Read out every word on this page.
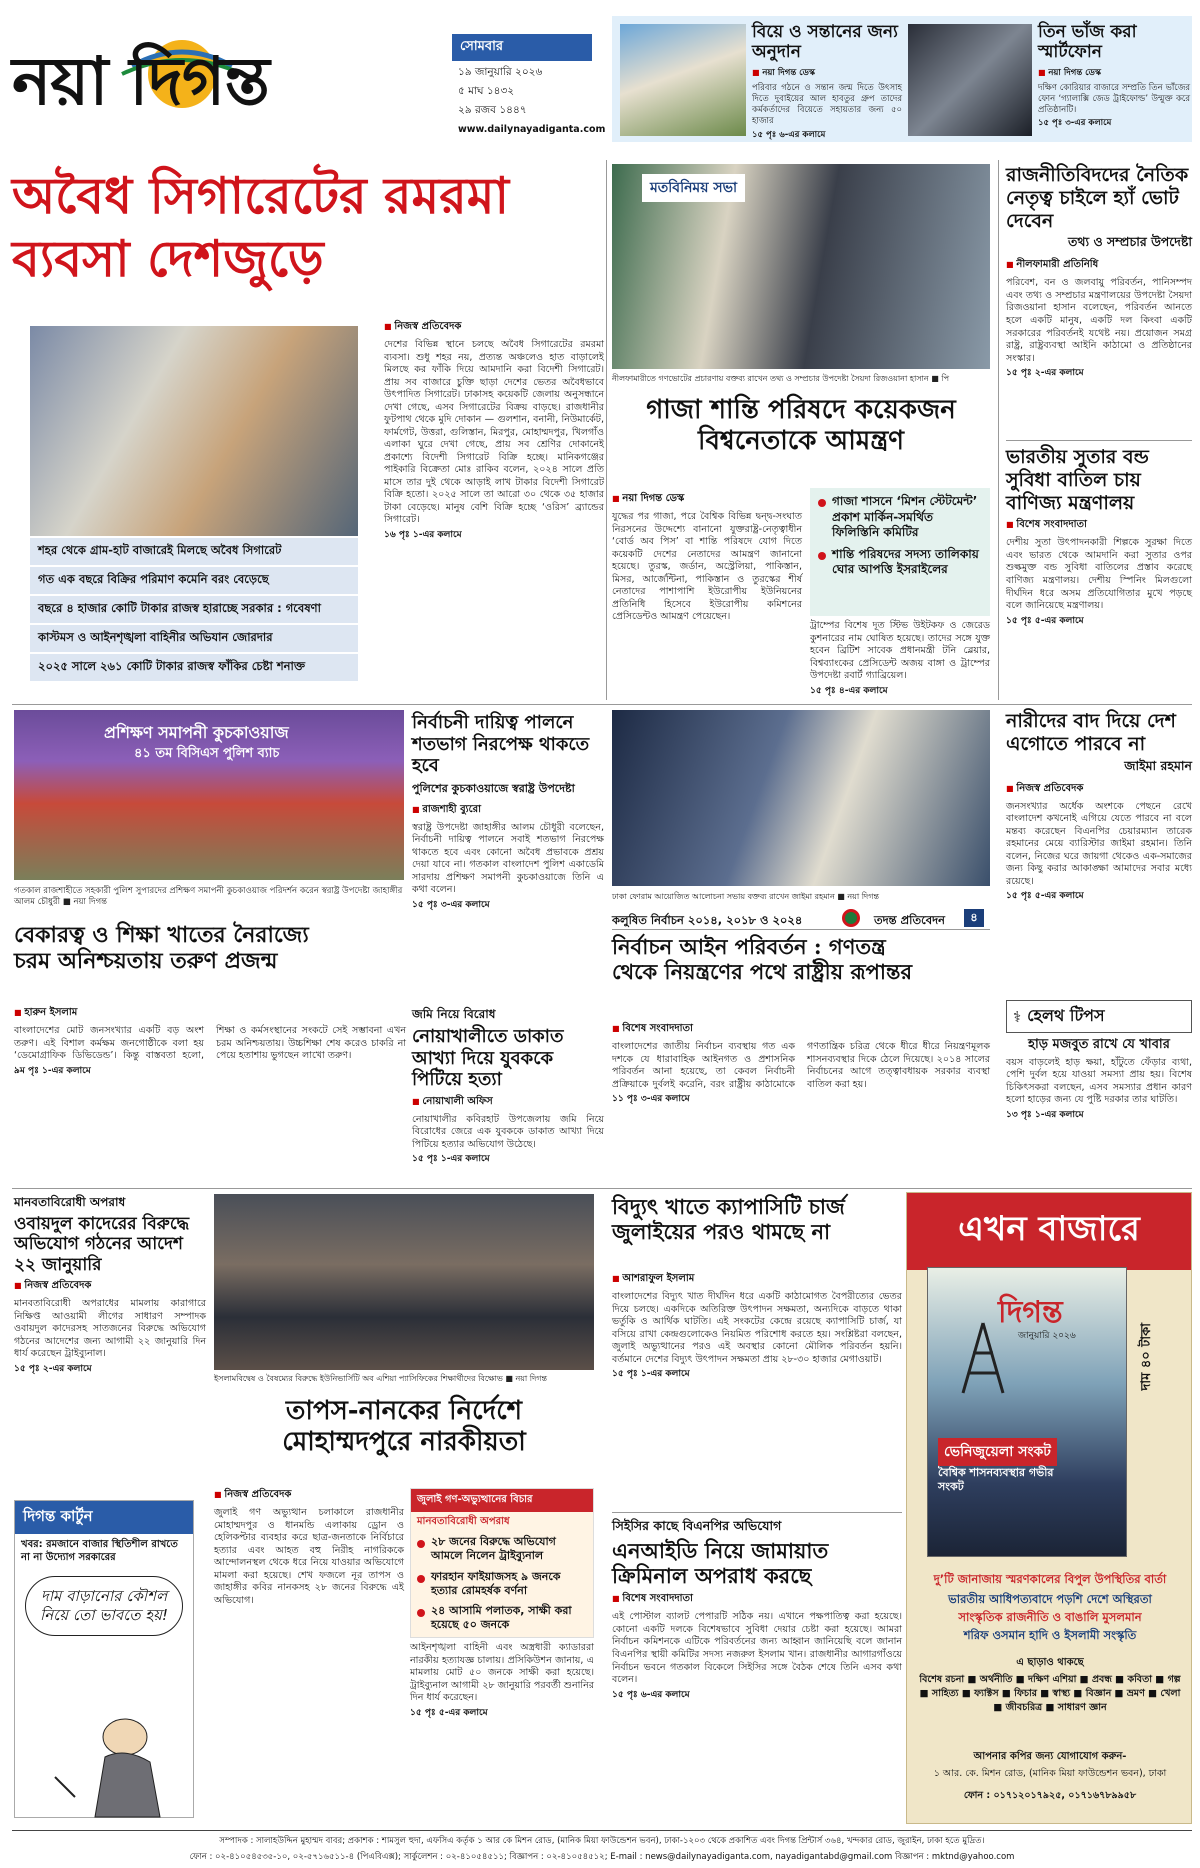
নয়া দিগন্ত	সোমবার
১৯ জানুয়ারি ২০২৬
৫ মাঘ ১৪৩২
২৯ রজব ১৪৪৭
www.dailynayadiganta.com
বিয়ে ও সন্তানের জন্য অনুদান
■ নয়া দিগন্ত ডেস্ক
পরিবার গঠনে ও সন্তান জন্ম দিতে উৎসাহ দিতে দুবাইয়ের আল হাবতুর গ্রুপ তাদের কর্মকর্তাদের বিয়েতে সহায়তার জন্য ৫০ হাজার
১৫ পৃঃ ৬-এর কলামে
তিন ভাঁজ করা স্মার্টফোন
■ নয়া দিগন্ত ডেস্ক
দক্ষিণ কোরিয়ার বাজারে সম্প্রতি তিন ভাঁজের ফোন ‘গ্যালাক্সি জেড ট্রাইফোল্ড’ উন্মুক্ত করে প্রতিষ্ঠানটি।
১৫ পৃঃ ৩-এর কলামে
অবৈধ সিগারেটের রমরমা
ব্যবসা দেশজুড়ে
শহর থেকে গ্রাম-হাট বাজারেই মিলছে অবৈধ সিগারেট
গত এক বছরে বিক্রির পরিমাণ কমেনি বরং বেড়েছে
বছরে ৪ হাজার কোটি টাকার রাজস্ব হারাচ্ছে সরকার : গবেষণা
কাস্টমস ও আইনশৃঙ্খলা বাহিনীর অভিযান জোরদার
২০২৫ সালে ২৬১ কোটি টাকার রাজস্ব ফাঁকির চেষ্টা শনাক্ত
■ নিজস্ব প্রতিবেদক
দেশের বিভিন্ন স্থানে চলছে অবৈধ সিগারেটের রমরমা ব্যবসা। শুধু শহর নয়, প্রত্যন্ত অঞ্চলেও হাত বাড়ালেই মিলছে কর ফাঁকি দিয়ে আমদানি করা বিদেশী সিগারেট। প্রায় সব বাজারে চুক্তি ছাড়া দেশের ভেতর অবৈধভাবে উৎপাদিত সিগারেট। ঢাকাসহ কয়েকটি জেলায় অনুসন্ধানে দেখা গেছে, এসব সিগারেটের বিক্রয় বাড়ছে। রাজধানীর ফুটপাথ থেকে মুদি দোকান — গুলশান, বনানী, নিউমার্কেট, ফার্মগেট, উত্তরা, গুলিস্তান, মিরপুর, মোহাম্মদপুর, খিলগাঁও এলাকা ঘুরে দেখা গেছে, প্রায় সব শ্রেণির দোকানেই প্রকাশ্যে বিদেশী সিগারেট বিক্রি হচ্ছে। মানিকগঞ্জের পাইকারি বিক্রেতা মোঃ রাকিব বলেন, ২০২৪ সালে প্রতি মাসে তার দুই থেকে আড়াই লাখ টাকার বিদেশী সিগারেট বিক্রি হতো। ২০২৫ সালে তা আরো ৩০ থেকে ৩৫ হাজার টাকা বেড়েছে। মানুষ বেশি বিক্রি হচ্ছে ‘ওরিস’ ব্র্যান্ডের সিগারেট।
১৬ পৃঃ ১-এর কলামে
মতবিনিময় সভা
নীলফামারীতে গণভোটের প্রচারণায় বক্তব্য রাখেন তথ্য ও সম্প্রচার উপদেষ্টা সৈয়দা রিজওয়ানা হাসান ■ পি
গাজা শান্তি পরিষদে কয়েকজন
বিশ্বনেতাকে আমন্ত্রণ
■ নয়া দিগন্ত ডেস্ক
যুদ্ধের পর গাজা, পরে বৈশ্বিক বিভিন্ন দ্বন্দ্ব-সংঘাত নিরসনের উদ্দেশ্যে বানানো যুক্তরাষ্ট্র-নেতৃত্বাধীন ‘বোর্ড অব পিস’ বা শান্তি পরিষদে যোগ দিতে কয়েকটি দেশের নেতাদের আমন্ত্রণ জানানো হয়েছে। তুরস্ক, জর্ডান, অস্ট্রেলিয়া, পাকিস্তান, মিসর, আর্জেন্টিনা, পাকিস্তান ও তুরস্কের শীর্ষ নেতাদের পাশাপাশি ইউরোপীয় ইউনিয়নের প্রতিনিধি হিসেবে ইউরোপীয় কমিশনের প্রেসিডেন্টও আমন্ত্রণ পেয়েছেন।
গাজা শাসনে ‘মিশন স্টেটমেন্ট’ প্রকাশ মার্কিন-সমর্থিত ফিলিস্তিনি কমিটির
শান্তি পরিষদের সদস্য তালিকায় ঘোর আপত্তি ইসরাইলের
ট্রাম্পের বিশেষ দূত স্টিভ উইটকফ ও জেরেড কুশনারের নাম ঘোষিত হয়েছে। তাদের সঙ্গে যুক্ত হবেন ব্রিটিশ সাবেক প্রধানমন্ত্রী টনি ব্লেয়ার, বিশ্বব্যাংকের প্রেসিডেন্ট অজয় বাঙ্গা ও ট্রাম্পের উপদেষ্টা রবার্ট গ্যাব্রিয়েল।
১৫ পৃঃ ৪-এর কলামে
রাজনীতিবিদদের নৈতিক নেতৃত্ব চাইলে হ্যাঁ ভোট দেবেন
তথ্য ও সম্প্রচার উপদেষ্টা
■ নীলফামারী প্রতিনিধি
পরিবেশ, বন ও জলবায়ু পরিবর্তন, পানিসম্পদ এবং তথ্য ও সম্প্রচার মন্ত্রণালয়ের উপদেষ্টা সৈয়দা রিজওয়ানা হাসান বলেছেন, পরিবর্তন আনতে হলে একটি মানুষ, একটি দল কিংবা একটি সরকারের পরিবর্তনই যথেষ্ট নয়। প্রয়োজন সমগ্র রাষ্ট্র, রাষ্ট্রব্যবস্থা আইনি কাঠামো ও প্রতিষ্ঠানের সংস্কার।
১৫ পৃঃ ২-এর কলামে
ভারতীয় সুতার বন্ড সুবিধা বাতিল চায় বাণিজ্য মন্ত্রণালয়
■ বিশেষ সংবাদদাতা
দেশীয় সুতা উৎপাদনকারী শিল্পকে সুরক্ষা দিতে এবং ভারত থেকে আমদানি করা সুতার ওপর শুল্কমুক্ত বন্ড সুবিধা বাতিলের প্রস্তাব করেছে বাণিজ্য মন্ত্রণালয়। দেশীয় স্পিনিং মিলগুলো দীর্ঘদিন ধরে অসম প্রতিযোগিতার মুখে পড়ছে বলে জানিয়েছে মন্ত্রণালয়।
১৫ পৃঃ ৫-এর কলামে
প্রশিক্ষণ সমাপনী কুচকাওয়াজ
৪১ তম বিসিএস পুলিশ ব্যাচ
গতকাল রাজশাহীতে সহকারী পুলিশ সুপারদের প্রশিক্ষণ সমাপনী কুচকাওয়াজ পরিদর্শন করেন স্বরাষ্ট্র উপদেষ্টা জাহাঙ্গীর আলম চৌধুরী ■ নয়া দিগন্ত
নির্বাচনী দায়িত্ব পালনে শতভাগ নিরপেক্ষ থাকতে হবে
পুলিশের কুচকাওয়াজে স্বরাষ্ট্র উপদেষ্টা
■ রাজশাহী ব্যুরো
স্বরাষ্ট্র উপদেষ্টা জাহাঙ্গীর আলম চৌধুরী বলেছেন, নির্বাচনী দায়িত্ব পালনে সবাই শতভাগ নিরপেক্ষ থাকতে হবে এবং কোনো অবৈধ প্রভাবকে প্রশ্রয় দেয়া যাবে না। গতকাল বাংলাদেশ পুলিশ একাডেমি সারদায় প্রশিক্ষণ সমাপনী কুচকাওয়াজে তিনি এ কথা বলেন।
১৫ পৃঃ ৩-এর কলামে
ঢাকা ফোরাম আয়োজিত আলোচনা সভায় বক্তব্য রাখেন জাইমা রহমান ■ নয়া দিগন্ত
নারীদের বাদ দিয়ে দেশ এগোতে পারবে না
জাইমা রহমান
■ নিজস্ব প্রতিবেদক
জনসংখ্যার অর্ধেক অংশকে পেছনে রেখে বাংলাদেশ কখনোই এগিয়ে যেতে পারবে না বলে মন্তব্য করেছেন বিএনপির চেয়ারম্যান তারেক রহমানের মেয়ে ব্যারিস্টার জাইমা রহমান। তিনি বলেন, নিজের ঘরে জায়গা থেকেও এক-সমাজের জন্য কিছু করার আকাঙ্ক্ষা আমাদের সবার মধ্যে রয়েছে।
১৫ পৃঃ ৫-এর কলামে
বেকারত্ব ও শিক্ষা খাতের নৈরাজ্যে
চরম অনিশ্চয়তায় তরুণ প্রজন্ম
■ হারুন ইসলাম
বাংলাদেশের মোট জনসংখ্যার একটি বড় অংশ তরুণ। এই বিশাল কর্মক্ষম জনগোষ্ঠীকে বলা হয় ‘ডেমোগ্রাফিক ডিভিডেন্ড’। কিন্তু বাস্তবতা হলো, শিক্ষা ও কর্মসংস্থানের সংকটে সেই সম্ভাবনা এখন চরম অনিশ্চয়তায়। উচ্চশিক্ষা শেষ করেও চাকরি না পেয়ে হতাশায় ভুগছেন লাখো তরুণ।
৯ম পৃঃ ১-এর কলামে
জমি নিয়ে বিরোধ
নোয়াখালীতে ডাকাত আখ্যা দিয়ে যুবককে পিটিয়ে হত্যা
■ নোয়াখালী অফিস
নোয়াখালীর কবিরহাট উপজেলায় জমি নিয়ে বিরোধের জেরে এক যুবককে ডাকাত আখ্যা দিয়ে পিটিয়ে হত্যার অভিযোগ উঠেছে।
১৫ পৃঃ ১-এর কলামে
কলুষিত নির্বাচন ২০১৪, ২০১৮ ও ২০২৪	তদন্ত প্রতিবেদন	৪
নির্বাচন আইন পরিবর্তন : গণতন্ত্র
থেকে নিয়ন্ত্রণের পথে রাষ্ট্রীয় রূপান্তর
■ বিশেষ সংবাদদাতা
বাংলাদেশের জাতীয় নির্বাচন ব্যবস্থায় গত এক দশকে যে ধারাবাহিক আইনগত ও প্রশাসনিক পরিবর্তন আনা হয়েছে, তা কেবল নির্বাচনী প্রক্রিয়াকে দুর্বলই করেনি, বরং রাষ্ট্রীয় কাঠামোকে গণতান্ত্রিক চরিত্র থেকে ধীরে ধীরে নিয়ন্ত্রণমূলক শাসনব্যবস্থার দিকে ঠেলে দিয়েছে। ২০১৪ সালের নির্বাচনের আগে তত্ত্বাবধায়ক সরকার ব্যবস্থা বাতিল করা হয়।
১১ পৃঃ ৩-এর কলামে
⚕ হেলথ টিপস
হাড় মজবুত রাখে যে খাবার
বয়স বাড়লেই হাড় ক্ষয়া, হাঁটুতে ফেঁড়ার ব্যথা, পেশি দুর্বল হয়ে যাওয়া সমস্যা প্রায় হয়। বিশেষ চিকিৎসকরা বলছেন, এসব সমস্যার প্রধান কারণ হলো হাড়ের জন্য যে পুষ্টি দরকার তার ঘাটতি।
১৩ পৃঃ ১-এর কলামে
মানবতাবিরোধী অপরাধ
ওবায়দুল কাদেরের বিরুদ্ধে অভিযোগ গঠনের আদেশ ২২ জানুয়ারি
■ নিজস্ব প্রতিবেদক
মানবতাবিরোধী অপরাধের মামলায় কারাগারে নিক্ষিপ্ত আওয়ামী লীগের সাধারণ সম্পাদক ওবায়দুল কাদেরসহ সাতজনের বিরুদ্ধে অভিযোগ গঠনের আদেশের জন্য আগামী ২২ জানুয়ারি দিন ধার্য করেছেন ট্রাইব্যুনাল।
১৫ পৃঃ ২-এর কলামে
দিগন্ত কার্টুন
খবর: রমজানে বাজার স্থিতিশীল রাখতে না না উদ্যোগ সরকারের
দাম বাড়ানোর কৌশল নিয়ে তো ভাবতে হয়!
ইসলামবিদ্বেষ ও বৈষম্যের বিরুদ্ধে ইউনিভার্সিটি অব এশিয়া প্যাসিফিকের শিক্ষার্থীদের বিক্ষোভ ■ নয়া দিগন্ত
তাপস-নানকের নির্দেশে
মোহাম্মদপুরে নারকীয়তা
■ নিজস্ব প্রতিবেদক
জুলাই গণ অভ্যুত্থান চলাকালে রাজধানীর মোহাম্মদপুর ও ধানমন্ডি এলাকায় ড্রোন ও হেলিকপ্টার ব্যবহার করে ছাত্র-জনতাকে নির্বিচারে হত্যার এবং আহত বহু নিরীহ নাগরিককে আন্দোলনস্থল থেকে ধরে নিয়ে যাওয়ার অভিযোগে মামলা করা হয়েছে। শেখ ফজলে নূর তাপস ও জাহাঙ্গীর কবির নানকসহ ২৮ জনের বিরুদ্ধে এই অভিযোগ।
জুলাই গণ-অভ্যুত্থানের বিচার
মানবতাবিরোধী অপরাধ
২৮ জনের বিরুদ্ধে অভিযোগ আমলে নিলেন ট্রাইব্যুনাল
ফারহান ফাইয়াজসহ ৯ জনকে হত্যার রোমহর্ষক বর্ণনা
২৪ আসামি পলাতক, সাক্ষী করা হয়েছে ৫০ জনকে
আইনশৃঙ্খলা বাহিনী এবং অস্ত্রধারী ক্যাডাররা নারকীয় হত্যাযজ্ঞ চালায়। প্রসিকিউশন জানায়, এ মামলায় মোট ৫০ জনকে সাক্ষী করা হয়েছে। ট্রাইব্যুনাল আগামী ২৮ জানুয়ারি পরবর্তী শুনানির দিন ধার্য করেছেন।
১৫ পৃঃ ৫-এর কলামে
বিদ্যুৎ খাতে ক্যাপাসিটি চার্জ
জুলাইয়ের পরও থামছে না
■ আশরাফুল ইসলাম
বাংলাদেশের বিদ্যুৎ খাত দীর্ঘদিন ধরে একটি কাঠামোগত বৈপরীত্যের ভেতর দিয়ে চলছে। একদিকে অতিরিক্ত উৎপাদন সক্ষমতা, অন্যদিকে বাড়তে থাকা ভর্তুকি ও আর্থিক ঘাটতি। এই সংকটের কেন্দ্রে রয়েছে ক্যাপাসিটি চার্জ, যা বসিয়ে রাখা কেন্দ্রগুলোকেও নিয়মিত পরিশোধ করতে হয়। সংশ্লিষ্টরা বলছেন, জুলাই অভ্যুত্থানের পরও এই অবস্থার কোনো মৌলিক পরিবর্তন হয়নি। বর্তমানে দেশের বিদ্যুৎ উৎপাদন সক্ষমতা প্রায় ২৮-৩০ হাজার মেগাওয়াট।
১৫ পৃঃ ১-এর কলামে
সিইসির কাছে বিএনপির অভিযোগ
এনআইডি নিয়ে জামায়াত
ক্রিমিনাল অপরাধ করছে
■ বিশেষ সংবাদদাতা
এই পোস্টাল ব্যালট পেপারটি সঠিক নয়। এখানে পক্ষপাতিত্ব করা হয়েছে। কোনো একটি দলকে বিশেষভাবে সুবিধা দেয়ার চেষ্টা করা হয়েছে। আমরা নির্বাচন কমিশনকে এটিকে পরিবর্তনের জন্য আহ্বান জানিয়েছি বলে জানান বিএনপির স্থায়ী কমিটির সদস্য নজরুল ইসলাম খান। রাজধানীর আগারগাঁওয়ে নির্বাচন ভবনে গতকাল বিকেলে সিইসির সঙ্গে বৈঠক শেষে তিনি এসব কথা বলেন।
১৫ পৃঃ ৬-এর কলামে
এখন বাজারে
দিগন্ত
জানুয়ারি ২০২৬
ভেনিজুয়েলা সংকট
বৈশ্বিক শাসনব্যবস্থার গভীর সংকট
দাম ৪০ টাকা
দু’টি জানাজায় স্মরণকালের বিপুল উপস্থিতির বার্তা
ভারতীয় আধিপত্যবাদে পড়শি দেশে অস্থিরতা
সাংস্কৃতিক রাজনীতি ও বাঙালি মুসলমান
শরিফ ওসমান হাদি ও ইসলামী সংস্কৃতি
এ ছাড়াও থাকছে
বিশেষ রচনা ■ অর্থনীতি ■ দক্ষিণ এশিয়া ■ প্রবন্ধ ■ কবিতা ■ গল্প ■ সাহিত্য ■ ফ্যাক্টস ■ ফিচার ■ স্বাস্থ্য ■ বিজ্ঞান ■ ভ্রমণ ■ খেলা ■ জীবচরিত্র ■ সাধারণ জ্ঞান
আপনার কপির জন্য যোগাযোগ করুন-
১ আর. কে. মিশন রোড, (মানিক মিয়া ফাউন্ডেশন ভবন), ঢাকা
ফোন : ০১৭১২০১৭৯২৫, ০১৭১৬৭৮৯৯৫৮
সম্পাদক : সালাহউদ্দিন মুহাম্মদ বাবর; প্রকাশক : শামসুল হুদা, এফসিএ কর্তৃক ১ আর কে মিশন রোড, (মানিক মিয়া ফাউন্ডেশন ভবন), ঢাকা-১২০৩ থেকে প্রকাশিত এবং দিগন্ত প্রিন্টার্স ৩৬৪, খন্দকার রোড, জুরাইন, ঢাকা হতে মুদ্রিত।
ফোন : ০২-৪১০৫৪৫৩৫-১০, ০২-৫৭১৬৫১১-৪ (পিএবিএক্স); সার্কুলেশন : ০২-৪১০৫৪৫১১; বিজ্ঞাপন : ০২-৪১০৫৪৫১২; E-mail : news@dailynayadiganta.com, nayadigantabd@gmail.com বিজ্ঞাপন : mktnd@yahoo.com
